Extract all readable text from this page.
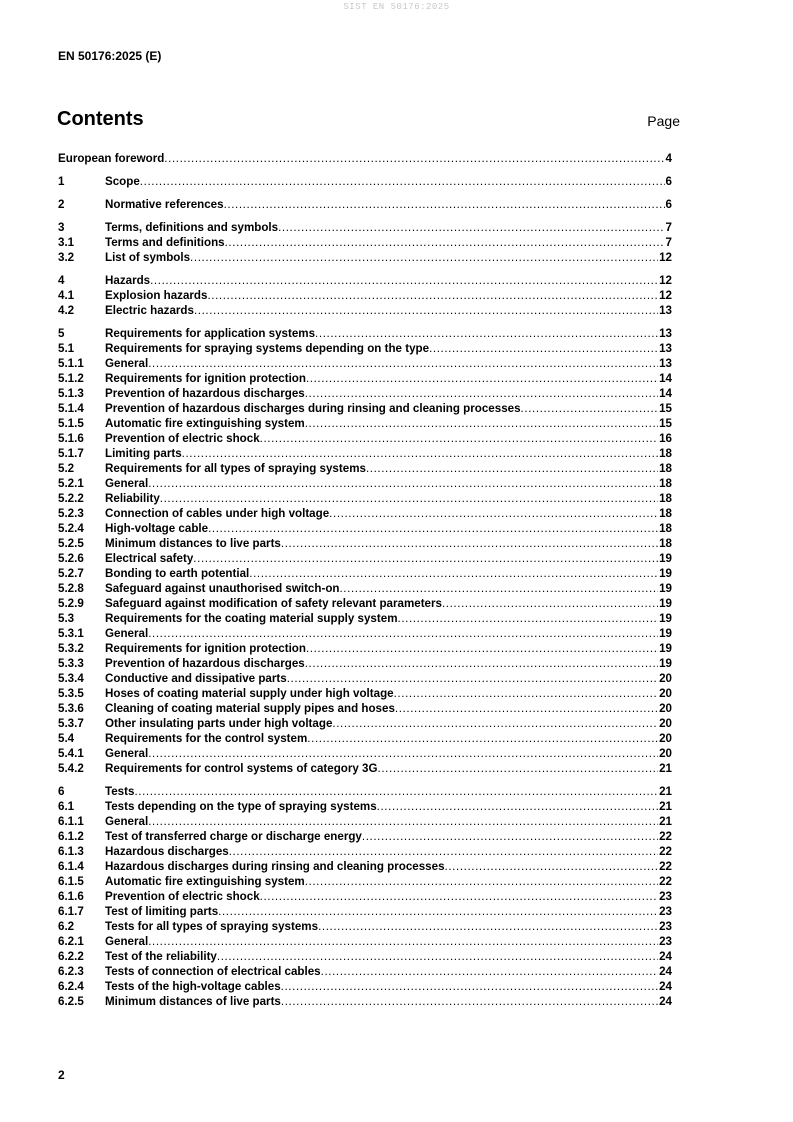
SIST EN 50176:2025
EN 50176:2025 (E)
Contents	Page
European foreword .....	4
1	Scope .....	6
2	Normative references .....	6
3	Terms, definitions and symbols .....	7
3.1	Terms and definitions .....	7
3.2	List of symbols .....	12
4	Hazards .....	12
4.1	Explosion hazards .....	12
4.2	Electric hazards .....	13
5	Requirements for application systems .....	13
5.1	Requirements for spraying systems depending on the type .....	13
5.1.1	General .....	13
5.1.2	Requirements for ignition protection .....	14
5.1.3	Prevention of hazardous discharges .....	14
5.1.4	Prevention of hazardous discharges during rinsing and cleaning processes .....	15
5.1.5	Automatic fire extinguishing system .....	15
5.1.6	Prevention of electric shock .....	16
5.1.7	Limiting parts .....	18
5.2	Requirements for all types of spraying systems .....	18
5.2.1	General .....	18
5.2.2	Reliability .....	18
5.2.3	Connection of cables under high voltage .....	18
5.2.4	High-voltage cable .....	18
5.2.5	Minimum distances to live parts .....	18
5.2.6	Electrical safety .....	19
5.2.7	Bonding to earth potential .....	19
5.2.8	Safeguard against unauthorised switch-on .....	19
5.2.9	Safeguard against modification of safety relevant parameters .....	19
5.3	Requirements for the coating material supply system .....	19
5.3.1	General .....	19
5.3.2	Requirements for ignition protection .....	19
5.3.3	Prevention of hazardous discharges .....	19
5.3.4	Conductive and dissipative parts .....	20
5.3.5	Hoses of coating material supply under high voltage .....	20
5.3.6	Cleaning of coating material supply pipes and hoses .....	20
5.3.7	Other insulating parts under high voltage .....	20
5.4	Requirements for the control system .....	20
5.4.1	General .....	20
5.4.2	Requirements for control systems of category 3G .....	21
6	Tests .....	21
6.1	Tests depending on the type of spraying systems .....	21
6.1.1	General .....	21
6.1.2	Test of transferred charge or discharge energy .....	22
6.1.3	Hazardous discharges .....	22
6.1.4	Hazardous discharges during rinsing and cleaning processes .....	22
6.1.5	Automatic fire extinguishing system .....	22
6.1.6	Prevention of electric shock .....	23
6.1.7	Test of limiting parts .....	23
6.2	Tests for all types of spraying systems .....	23
6.2.1	General .....	23
6.2.2	Test of the reliability .....	24
6.2.3	Tests of connection of electrical cables .....	24
6.2.4	Tests of the high-voltage cables .....	24
6.2.5	Minimum distances of live parts .....	24
2
